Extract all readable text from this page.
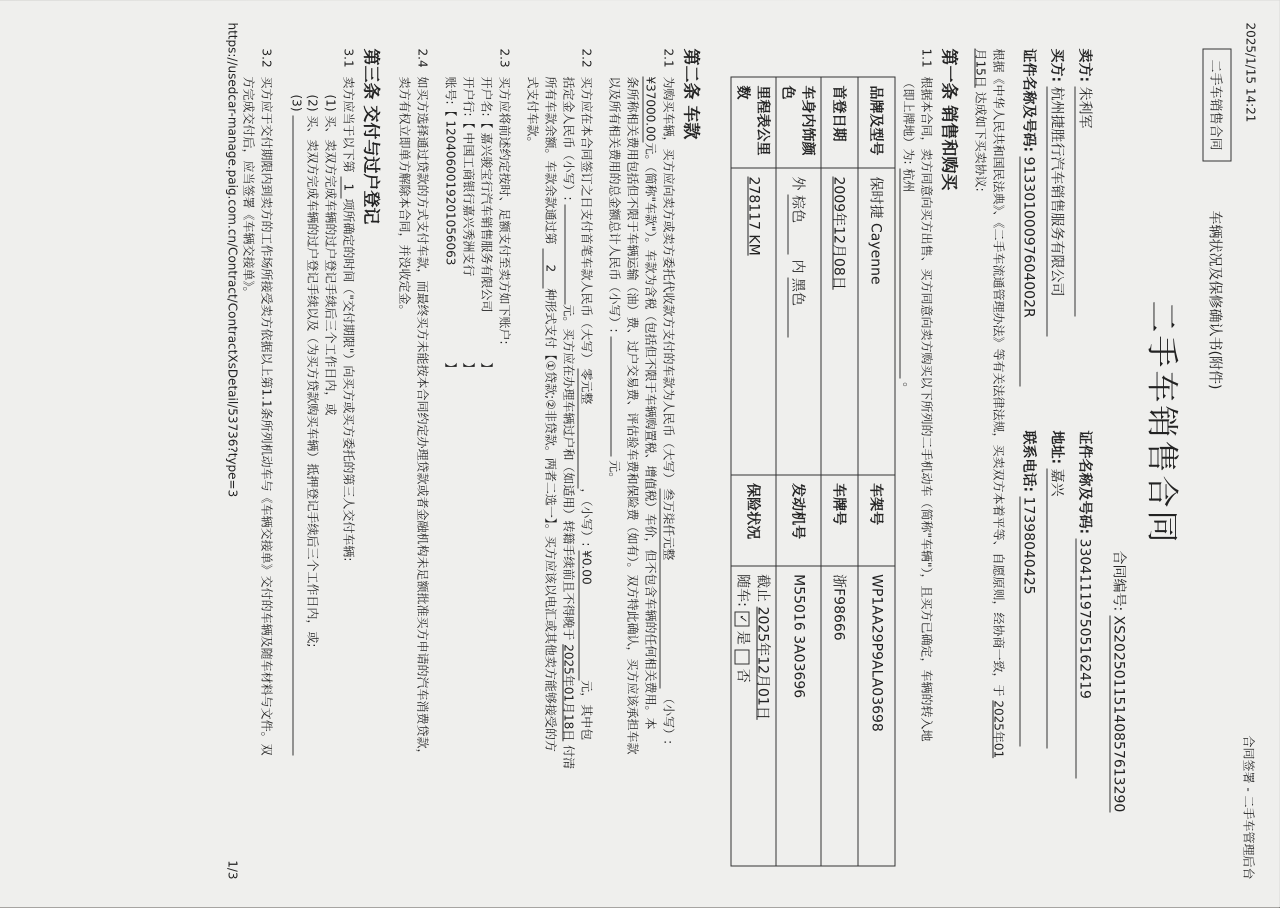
2025/1/15 14:21
合同签署 - 二手车管理后台
二手车销售合同
车辆状况及保修确认书(附件)
二手车销售合同
合同编号: XS20250115140857613290
卖方: 朱利军
证件名称及号码: 330411197505162419
买方: 杭州捷胜行汽车销售服务有限公司
地址: 嘉兴
证件名称及号码: 91330100097604002R
联系电话: 17398040425
根据《中华人民共和国民法典》、《二手车流通管理办法》等有关法律法规，买卖双方本着平等、自愿原则，经协商一致，于 2025年01
月15日 达成如下买卖协议:
第一条 销售和购买
1.1根据本合同，卖方同意向买方出售、买方同意向卖方购买以下所列的二手机动车（简称"车辆"），且买方已确定，车辆的转入地
（即上牌地）为: 杭州 。
品牌及型号	保时捷 Cayenne	车架号	WP1AA29P9ALA03698
首登日期	2009年12月08日	车牌号	浙F98666
车身内饰颜色	外 棕色 内 黑色	发动机号	M55016 3A03696
里程表公里数	278117 KM	保险状况	截止 2025年12月01日
随车: ✓ 是  否
第二条 车款
2.1为购买车辆，买方应向卖方或卖方委托代收款方支付的车款为人民币（大写） 叁万柒仟元整 （小写）:
¥37000.00元。（简称"车款"）。车款为含税（包括但不限于车辆购置税、增值税）车价，但不包含车辆的任何相关费用。本
条所称相关费用包括但不限于车辆运输（油）费、过户交易费、评估验车费和保险费（如有）。双方特此确认，买方应该承担车款
以及所有相关费用的总金额总计人民币（小写）:  元。
2.2买方应在本合同签订之日支付首笔车款人民币（大写） 零元整，（小写）: ¥0.00元，其中包
括定金人民币（小写）: 元。买方应在办理车辆过户和（如适用）转籍手续前且不得晚于 2025年01月18日 付清
所有车款余额。车款余款通过第 2种形式支付【①贷款;②非贷款。两者二选一】。买方应该以电汇或其他卖方能够接受的方
式支付车款。
2.3买方应将前述约定按时、足额支付至卖方如下账户:
开户名:【 嘉兴骏宝行汽车销售服务有限公司】
开户行:【 中国工商银行嘉兴秀洲支行】
账号:【 1204060019201056063】
2.4如买方选择通过贷款的方式支付车款，而最终买方未能按本合同约定办理贷款或者金融机构未足额批准买方申请的汽车消费贷款，
卖方有权立即单方解除本合同，并没收定金。
第三条 交付与过户登记
3.1卖方应当于以下第 1项所确定的时间（"交付期限"）向买方或买方委托的第三人交付车辆:
(1) 买、卖双方完成车辆的过户登记手续后三个工作日内，或
(2) 买、卖双方完成车辆的过户登记手续以及（为买方贷款购买车辆）抵押登记手续后三个工作日内，或;
(3)
3.2买方应于交付期限内到卖方的工作场所接受卖方依据以上第1.1条所列机动车与《车辆交接单》交付的车辆及随车材料与文件。双
方完成交付后，应当签署《车辆交接单》。
https://usedcar-manage.paig.com.cn/Contract/ContractXsDetail/53736?type=3
1/3
